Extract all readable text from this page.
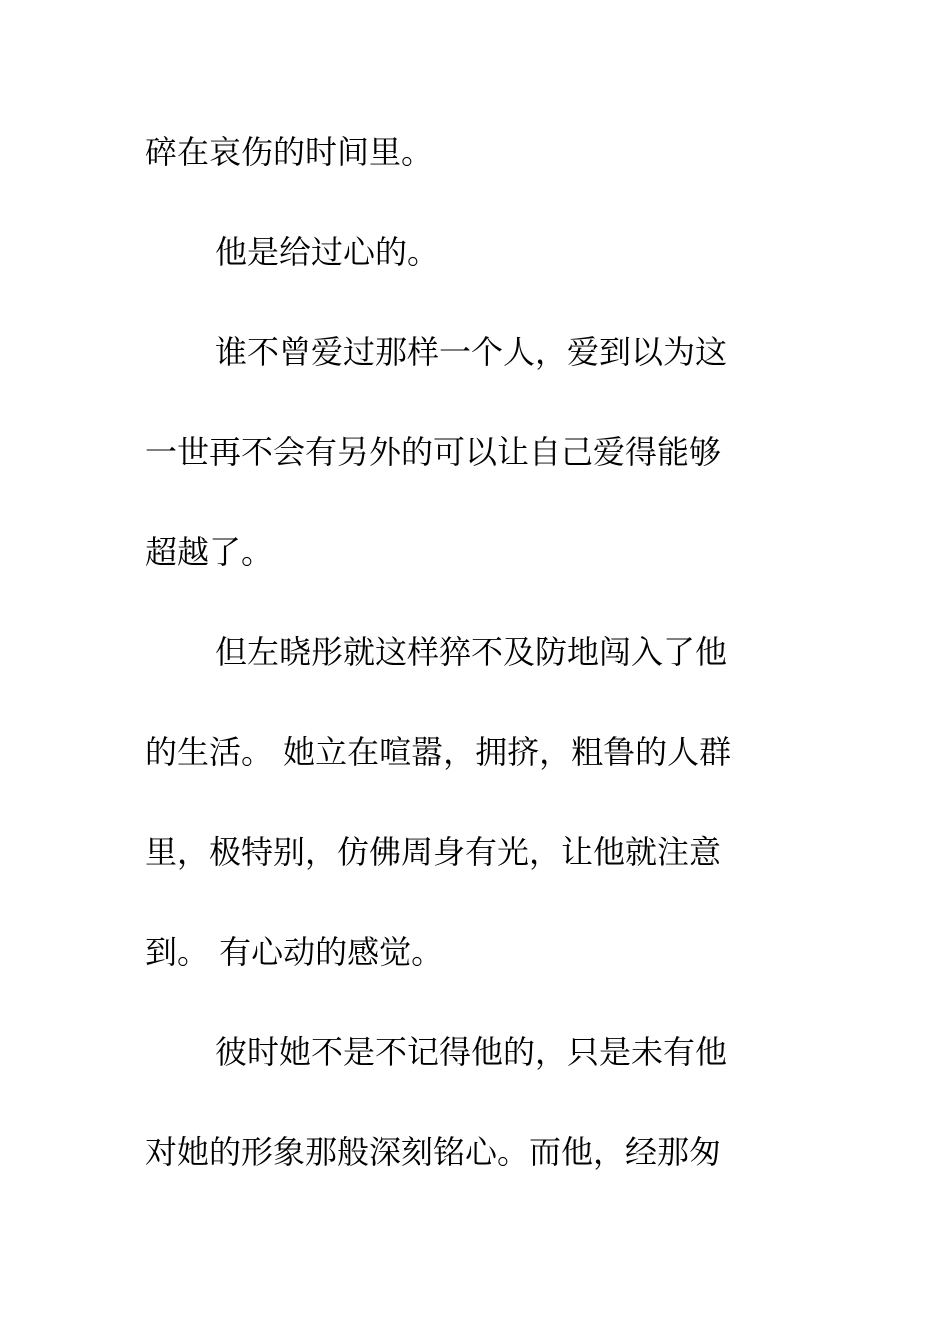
碎在哀伤的时间里。

他是给过心的。

谁不曾爱过那样一个人，爱到以为这

一世再不会有另外的可以让自己爱得能够

超越了。

但左晓彤就这样猝不及防地闯入了他

的生活。 她立在喧嚣，拥挤，粗鲁的人群

里，极特别，仿佛周身有光，让他就注意

到。 有心动的感觉。

彼时她不是不记得他的，只是未有他

对她的形象那般深刻铭心。而他，经那匆
